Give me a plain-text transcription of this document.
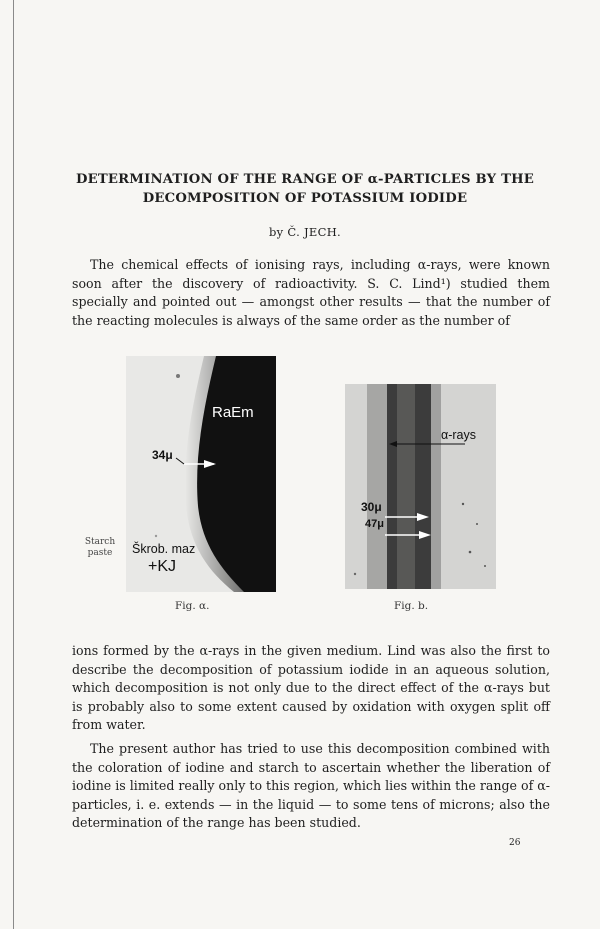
DETERMINATION OF THE RANGE OF α-PARTICLES BY THE
DECOMPOSITION OF POTASSIUM IODIDE
by Č. JECH.

The chemical effects of ionising rays, including α-rays, were known soon after the discovery of radioactivity. S. C. Lind¹) studied them specially and pointed out — amongst other results — that the number of the reacting molecules is always of the same order as the number of

RaEm
34μ
Škrob. maz
+KJ
Starch paste
α-rays
30μ
47μ
Fig. α.	Fig. b.

ions formed by the α-rays in the given medium. Lind was also the first to describe the decomposition of potassium iodide in an aqueous solution, which decomposition is not only due to the direct effect of the α-rays but is probably also to some extent caused by oxidation with oxygen split off from water.

The present author has tried to use this decomposition combined with the coloration of iodine and starch to ascertain whether the liberation of iodine is limited really only to this region, which lies within the range of α-particles, i. e. extends — in the liquid — to some tens of microns; also the determination of the range has been studied.

26
